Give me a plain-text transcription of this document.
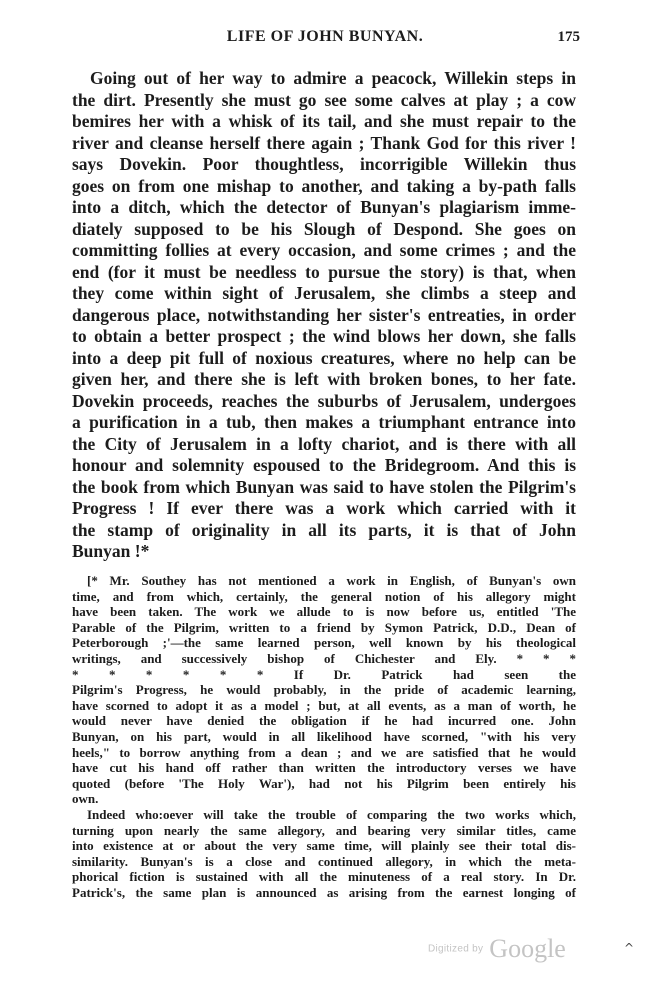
LIFE OF JOHN BUNYAN.	175
Going out of her way to admire a peacock, Willekin steps in
the dirt. Presently she must go see some calves at play ; a cow
bemires her with a whisk of its tail, and she must repair to the
river and cleanse herself there again ; Thank God for this river !
says Dovekin. Poor thoughtless, incorrigible Willekin thus
goes on from one mishap to another, and taking a by-path falls
into a ditch, which the detector of Bunyan's plagiarism imme-
diately supposed to be his Slough of Despond. She goes on
committing follies at every occasion, and some crimes ; and the
end (for it must be needless to pursue the story) is that, when
they come within sight of Jerusalem, she climbs a steep and
dangerous place, notwithstanding her sister's entreaties, in order
to obtain a better prospect ; the wind blows her down, she falls
into a deep pit full of noxious creatures, where no help can be
given her, and there she is left with broken bones, to her fate.
Dovekin proceeds, reaches the suburbs of Jerusalem, undergoes
a purification in a tub, then makes a triumphant entrance into
the City of Jerusalem in a lofty chariot, and is there with all
honour and solemnity espoused to the Bridegroom. And this is
the book from which Bunyan was said to have stolen the Pilgrim's
Progress ! If ever there was a work which carried with it
the stamp of originality in all its parts, it is that of John
Bunyan !*
[* Mr. Southey has not mentioned a work in English, of Bunyan's own
time, and from which, certainly, the general notion of his allegory might
have been taken. The work we allude to is now before us, entitled 'The
Parable of the Pilgrim, written to a friend by Symon Patrick, D.D., Dean of
Peterborough ;'—the same learned person, well known by his theological
writings, and successively bishop of Chichester and Ely. * * *
* * * * * * If Dr. Patrick had seen the
Pilgrim's Progress, he would probably, in the pride of academic learning,
have scorned to adopt it as a model ; but, at all events, as a man of worth, he
would never have denied the obligation if he had incurred one. John
Bunyan, on his part, would in all likelihood have scorned, "with his very
heels," to borrow anything from a dean ; and we are satisfied that he would
have cut his hand off rather than written the introductory verses we have
quoted (before 'The Holy War'), had not his Pilgrim been entirely his
own.
Indeed who:oever will take the trouble of comparing the two works which,
turning upon nearly the same allegory, and bearing very similar titles, came
into existence at or about the very same time, will plainly see their total dis-
similarity. Bunyan's is a close and continued allegory, in which the meta-
phorical fiction is sustained with all the minuteness of a real story. In Dr.
Patrick's, the same plan is announced as arising from the earnest longing of
Digitized by Google	^
